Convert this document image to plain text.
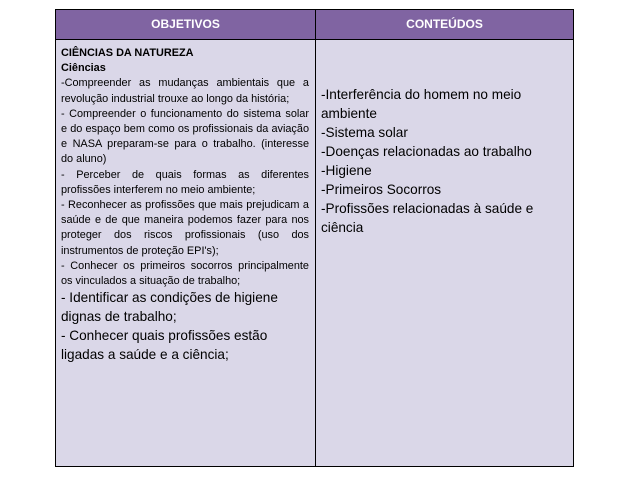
OBJETIVOS	CONTEÚDOS
CIÊNCIAS DA NATUREZA
Ciências
-Compreender as mudanças ambientais que a revolução industrial trouxe ao longo da história;
- Compreender o funcionamento do sistema solar e do espaço bem como os profissionais da aviação e NASA preparam-se para o trabalho. (interesse do aluno)
- Perceber de quais formas as diferentes profissões interferem no meio ambiente;
- Reconhecer as profissões que mais prejudicam a saúde e de que maneira podemos fazer para nos proteger dos riscos profissionais (uso dos instrumentos de proteção EPI's);
- Conhecer os primeiros socorros principalmente os vinculados a situação de trabalho;
- Identificar as condições de higiene dignas de trabalho;
- Conhecer quais profissões estão ligadas a saúde e a ciência;
-Interferência do homem no meio ambiente
-Sistema solar
-Doenças relacionadas ao trabalho
-Higiene
-Primeiros Socorros
-Profissões relacionadas à saúde e ciência
